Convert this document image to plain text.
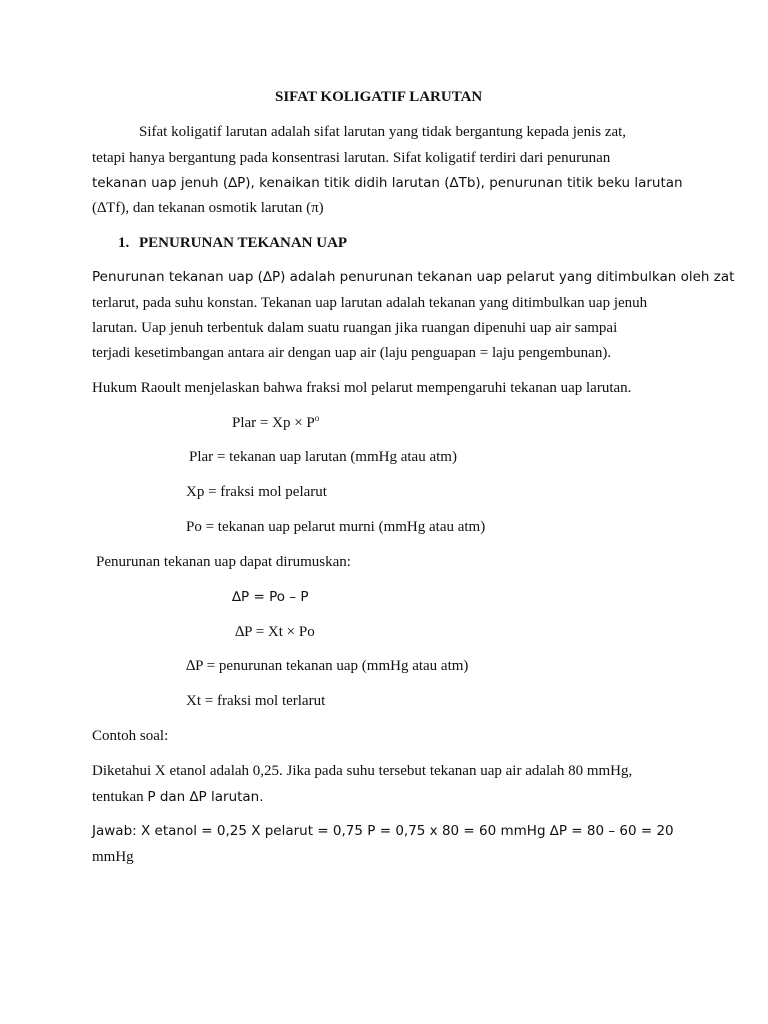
SIFAT KOLIGATIF LARUTAN
Sifat koligatif larutan adalah sifat larutan yang tidak bergantung kepada jenis zat,
tetapi hanya bergantung pada konsentrasi larutan. Sifat koligatif terdiri dari penurunan
tekanan uap jenuh (∆P), kenaikan titik didih larutan (∆Tb), penurunan titik beku larutan
(∆Tf), dan tekanan osmotik larutan (π)
1. PENURUNAN TEKANAN UAP
Penurunan tekanan uap (∆P) adalah penurunan tekanan uap pelarut yang ditimbulkan oleh zat
terlarut, pada suhu konstan. Tekanan uap larutan adalah tekanan yang ditimbulkan uap jenuh
larutan. Uap jenuh terbentuk dalam suatu ruangan jika ruangan dipenuhi uap air sampai
terjadi kesetimbangan antara air dengan uap air (laju penguapan = laju pengembunan).
Hukum Raoult menjelaskan bahwa fraksi mol pelarut mempengaruhi tekanan uap larutan.
Plar = $Xp \times P^o$
Plar = tekanan uap larutan (mmHg atau atm)
Xp = fraksi mol pelarut
Po = tekanan uap pelarut murni (mmHg atau atm)
Penurunan tekanan uap dapat dirumuskan:
∆P = Po – P
∆P = Xt × Po
∆P = penurunan tekanan uap (mmHg atau atm)
Xt = fraksi mol terlarut
Contoh soal:
Diketahui X etanol adalah 0,25. Jika pada suhu tersebut tekanan uap air adalah 80 mmHg,
tentukan P dan ∆P larutan.
Jawab: X etanol = 0,25 X pelarut = 0,75 P = 0,75 x 80 = 60 mmHg ∆P = 80 – 60 = 20
mmHg
